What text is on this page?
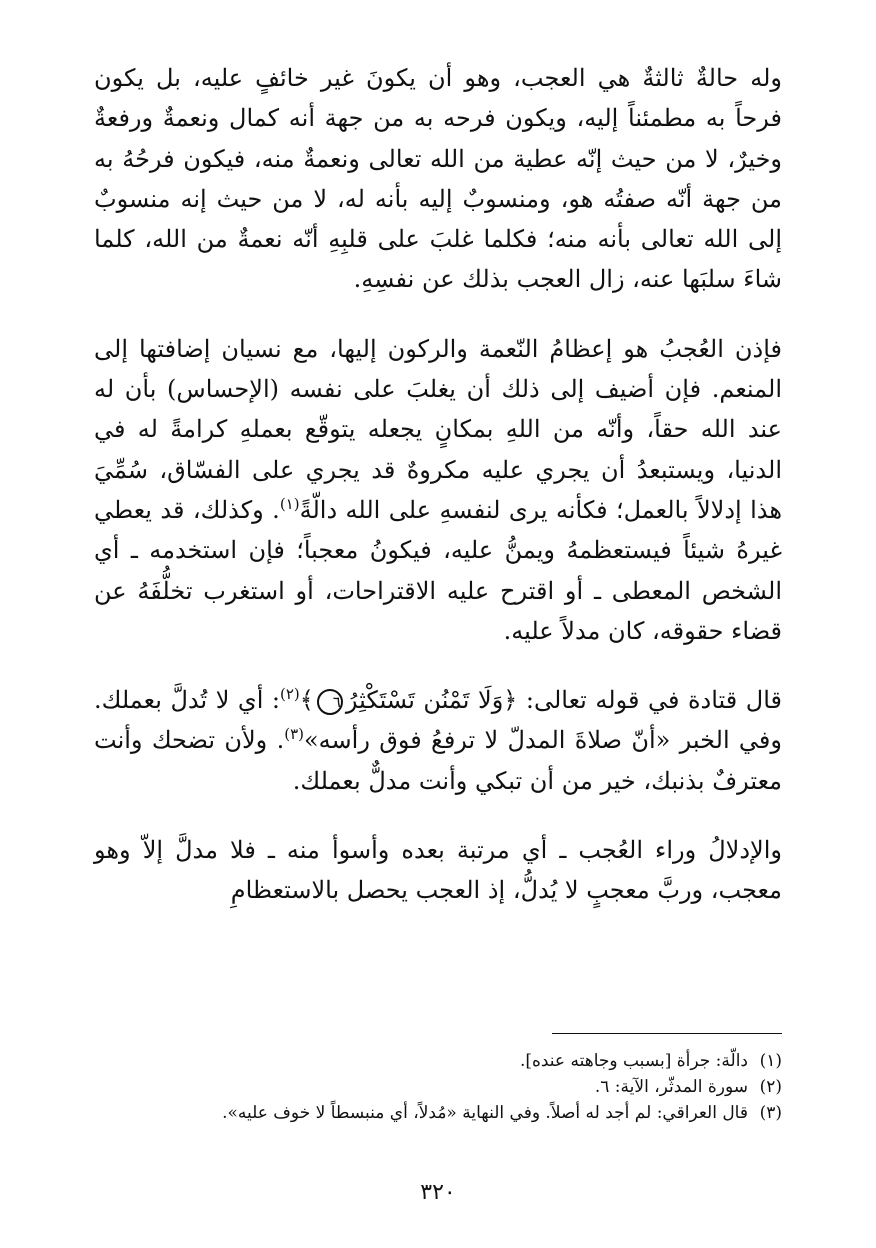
وله حالةٌ ثالثةٌ هي العجب، وهو أن يكونَ غير خائفٍ عليه، بل يكون فرحاً به مطمئناً إليه، ويكون فرحه به من جهة أنه كمال ونعمةٌ ورفعةٌ وخيرٌ، لا من حيث إنّه عطية من الله تعالى ونعمةٌ منه، فيكون فرحُهُ به من جهة أنّه صفتُه هو، ومنسوبٌ إليه بأنه له، لا من حيث إنه منسوبٌ إلى الله تعالى بأنه منه؛ فكلما غلبَ على قلبِهِ أنّه نعمةٌ من الله، كلما شاءَ سلبَها عنه، زال العجب بذلك عن نفسِهِ.

فإذن العُجبُ هو إعظامُ النّعمة والركون إليها، مع نسيان إضافتها إلى المنعم. فإن أضيف إلى ذلك أن يغلبَ على نفسه (الإحساس) بأن له عند الله حقاً، وأنّه من اللهِ بمكانٍ يجعله يتوقّع بعملهِ كرامةً له في الدنيا، ويستبعدُ أن يجري عليه مكروهٌ قد يجري على الفسّاق، سُمِّيَ هذا إدلالاً بالعمل؛ فكأنه يرى لنفسهِ على الله دالّةً$^{(١)}$. وكذلك، قد يعطي غيرهُ شيئاً فيستعظمهُ ويمنُّ عليه، فيكونُ معجباً؛ فإن استخدمه ـ أي الشخص المعطى ـ أو اقترح عليه الاقتراحات، أو استغرب تخلُّفَهُ عن قضاء حقوقه، كان مدلاً عليه.

قال قتادة في قوله تعالى: ﴿وَلَا تَمْنُن تَسْتَكْثِرُ٦﴾$^{(٢)}$: أي لا تُدلَّ بعملك. وفي الخبر «أنّ صلاةَ المدلّ لا ترفعُ فوق رأسه»$^{(٣)}$. ولأن تضحك وأنت معترفٌ بذنبك، خير من أن تبكي وأنت مدلٌّ بعملك.

والإدلالُ وراء العُجب ـ أي مرتبة بعده وأسوأ منه ـ فلا مدلَّ إلاّ وهو معجب، وربَّ معجبٍ لا يُدلُّ، إذ العجب يحصل بالاستعظامِ

(١)دالّة: جرأة [بسبب وجاهته عنده].

(٢)سورة المدثّر، الآية: ٦.

(٣)قال العراقي: لم أجد له أصلاً. وفي النهاية «مُدلاً، أي منبسطاً لا خوف عليه».

٣٢٠
